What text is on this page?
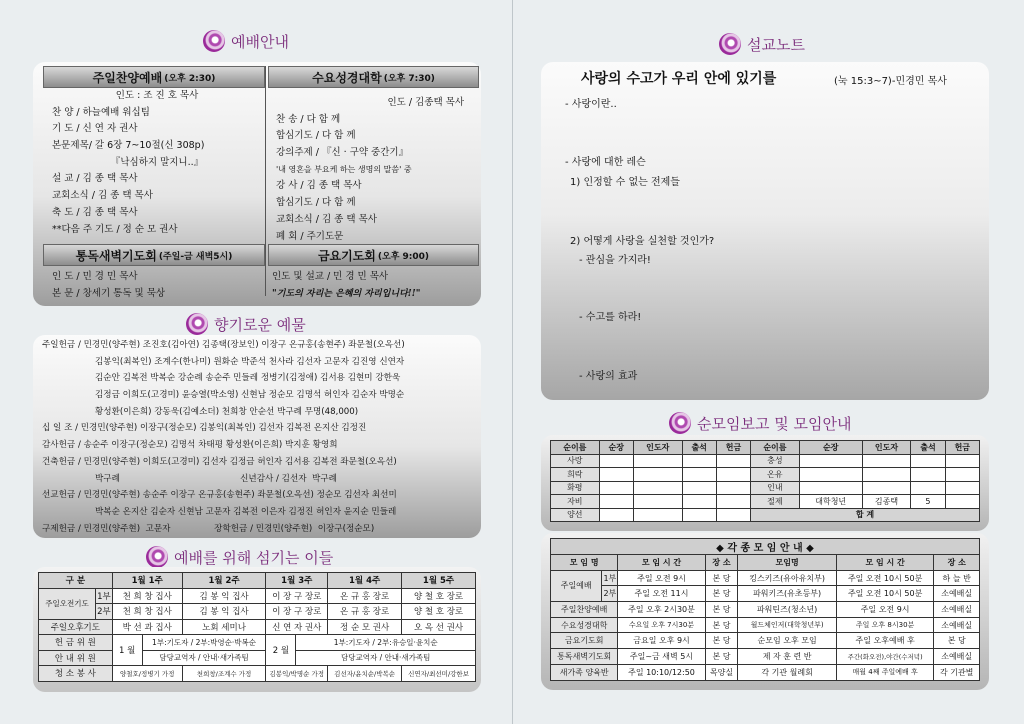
예배안내
주일찬양예배 (오후 2:30)	수요성경대학 (오후 7:30)
인도 : 조 진 호 목사
찬 양 / 하늘예배 워십팀
기 도 / 신 연 자 권사
본문제목/ 갈 6장 7~10절(신 308p)
『낙심하지 말지니..』
설 교 / 김 종 택 목사
교회소식 / 김 종 택 목사
축 도 / 김 종 택 목사
**다음 주 기도 / 정 순 모 권사
인도 / 김종택 목사
찬 송 / 다 함 께
합심기도 / 다 함 께
강의주제 / 『신 · 구약 중간기』
'내 영혼을 부요케 하는 생명의 말씀' 중
강 사 / 김 종 택 목사
합심기도 / 다 함 께
교회소식 / 김 종 택 목사
폐 회 / 주기도문
통독새벽기도회 (주일-금 새벽5시)	금요기도회 (오후 9:00)
인 도 / 민 경 민 목사
본 문 / 창세기 통독 및 묵상
인도 및 설교 / 민 경 민 목사
"기도의 자리는 은혜의 자리입니다!!"
향기로운 예물
주일헌금 / 민경민(양주현) 조진호(김아연) 김종택(장보인) 이장구 온규홍(송현주) 좌문철(오옥선)
김봉익(최복인) 조계수(한나미) 원화순 박준석 천사라 김선자 고문자 김진영 신연자
김순안 김복전 박복순 강순례 송순주 민들레 정병기(김정애) 김서용 김현미 강한욱
김정금 이희도(고경미) 윤승열(박소영) 신현남 정순모 김명석 허인자 김순자 박명순
황성환(이은희) 강동욱(김예소더) 천희창 안순선 박구례 무명(48,000)
십 일 조 / 민경민(양주현) 이장구(정순모) 김봉익(최복인) 김선자 김복전 온지산 김정진
감사헌금 / 송순주 이장구(정순모) 김명석 차태평 황성환(이은희) 박지훈 황영희
건축헌금 / 민경민(양주현) 이희도(고경미) 김선자 김정금 허인자 김서용 김복전 좌문철(오옥선)
박구례                                            신년감사 / 김선자  박구례
선교헌금 / 민경민(양주현) 송순주 이장구 온규홍(송현주) 좌문철(오옥선) 정순모 김선자 최선미
박복순 온지산 김순자 신현남 고문자 김복전 이은자 김정진 허인자 윤지순 민들레
구제헌금 / 민경민(양주현)  고문자                장학헌금 / 민경민(양주현)  이장구(정순모)
예배를 위해 섬기는 이들
구 분		1월 1주		1월 2주	1월 3주		1월 4주	1월 5주
주일오전기도	1부	천 희 창 집사		김 봉 익 집사	이 장 구 장로		온 규 홍 장로	양 철 호 장로
	2부	천 희 창 집사		김 봉 익 집사	이 장 구 장로		온 규 홍 장로	양 철 호 장로
주일오후기도		박 선 과 집사		노회 세미나	신 연 자 권사		정 순 모 권사	오 옥 선 권사
헌 금 위 원		1 월	1부:기도자 / 2부:박영순·박복순		2 월	1부:기도자 / 2부:유승일·윤치순		
안 내 위 원			담당교역자 / 안내·새가족팀			담당교역자 / 안내·새가족팀		
청 소 봉 사		양철호/정병기 가정		천희창/조계수 가정	김봉익/박명순 가정		김선자/윤치순/박복순	신연자/최선미/강한보
설교노트
사랑의 수고가 우리 안에 있기를	(눅 15:3~7)-민경민 목사
- 사랑이란..
- 사랑에 대한 레슨
1) 인정할 수 없는 전제들
2) 어떻게 사랑을 실천할 것인가?
- 관심을 가지라!
- 수고를 하라!
- 사랑의 효과
순모임보고 및 모임안내
순이름	순장	인도자	출석	헌금	순이름	순장	인도자	출석	헌금
사랑					충성				
희락					온유				
화평					인내				
자비					절제	대학청년	김종택	5	
양선					합 계				
◆ 각 종 모 임 안 내 ◆						
모 임 명		모 임 시 간	장 소	모임명	모 임 시 간	장 소
주일예배	1부	주일 오전 9시	본 당	킹스키즈(유아유치부)	주일 오전 10시 50분	하 늘 반
	2부	주일 오전 11시	본 당	파워키즈(유초등부)	주일 오전 10시 50분	소예배실
주일찬양예배		주일 오후 2시30분	본 당	파워틴즈(청소년)	주일 오전 9시	소예배실
수요성경대학		수요일 오후 7시30분	본 당	월드체인저(대학청년부)	주일 오후 8시30분	소예배실
금요기도회		금요일 오후 9시	본 당	순모임 오후 모임	주일 오후예배 후	본 당
통독새벽기도회		주일~금 새벽 5시	본 당	제 자 훈 련 반	주간(화오전),야간(수저녁)	소예배실
새가족 양육반		주일 10:10/12:50	목양실	각 기관 월례회	매월 4째 주일예배 후	각 기관별
